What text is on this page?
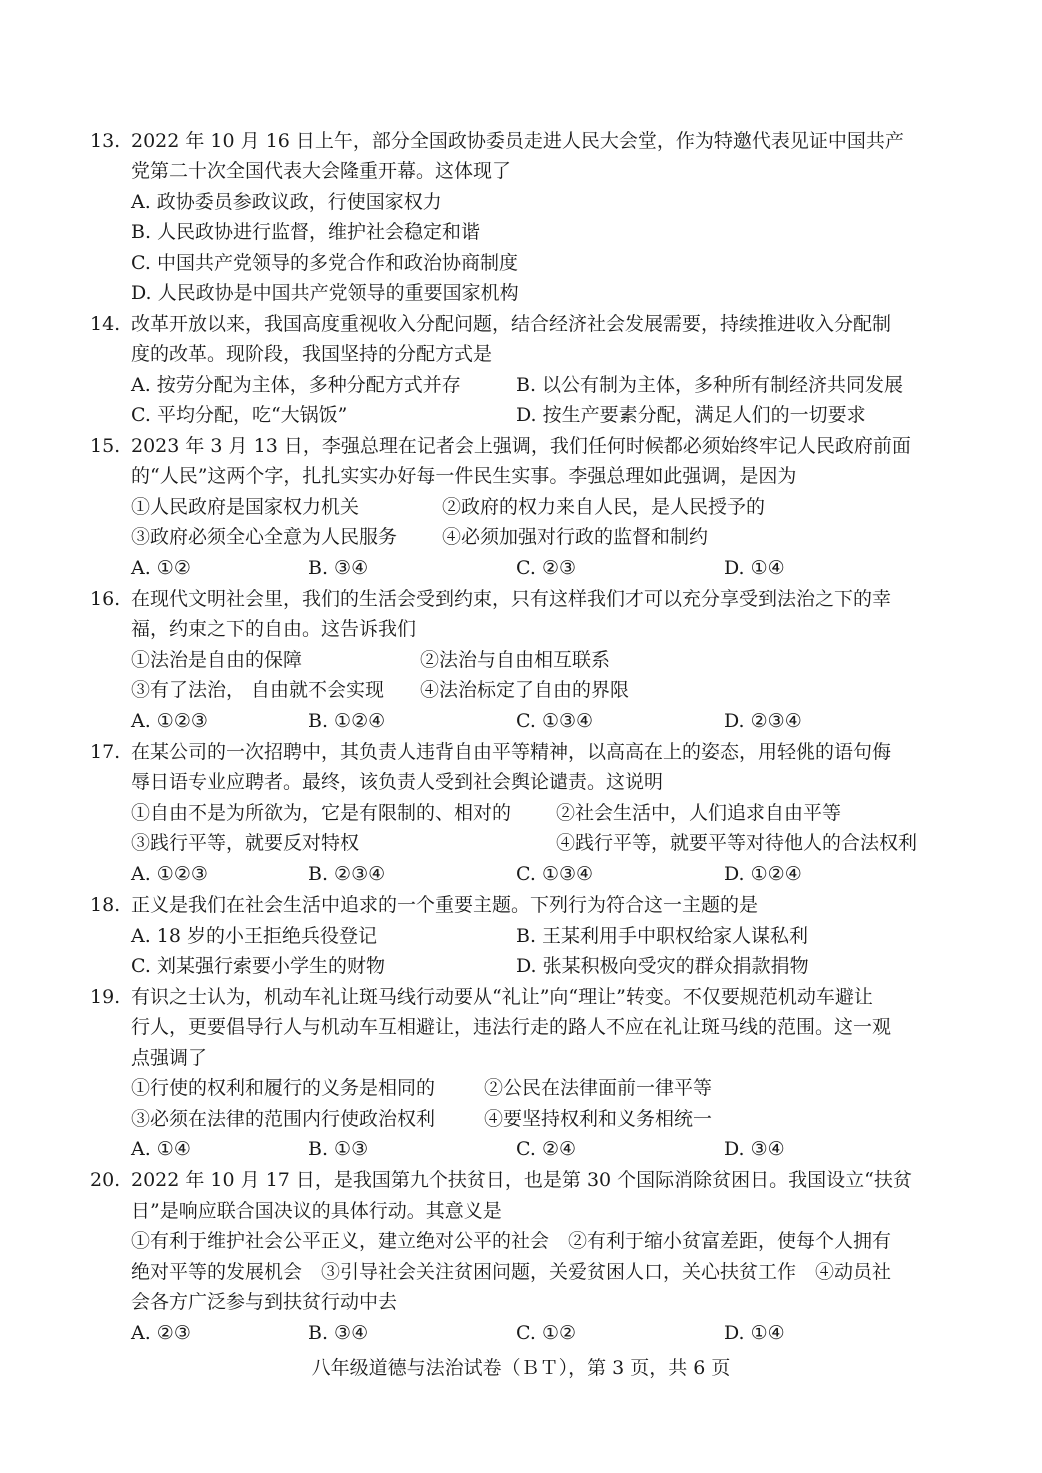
13. 2022 年 10 月 16 日上午，部分全国政协委员走进人民大会堂，作为特邀代表见证中国共产
党第二十次全国代表大会隆重开幕。这体现了
A. 政协委员参政议政，行使国家权力
B. 人民政协进行监督，维护社会稳定和谐
C. 中国共产党领导的多党合作和政治协商制度
D. 人民政协是中国共产党领导的重要国家机构
14. 改革开放以来，我国高度重视收入分配问题，结合经济社会发展需要，持续推进收入分配制
度的改革。现阶段，我国坚持的分配方式是
A. 按劳分配为主体，多种分配方式并存	B. 以公有制为主体，多种所有制经济共同发展
C. 平均分配，吃“大锅饭”	D. 按生产要素分配，满足人们的一切要求
15. 2023 年 3 月 13 日，李强总理在记者会上强调，我们任何时候都必须始终牢记人民政府前面
的“人民”这两个字，扎扎实实办好每一件民生实事。李强总理如此强调，是因为
①人民政府是国家权力机关	②政府的权力来自人民，是人民授予的
③政府必须全心全意为人民服务 ④必须加强对行政的监督和制约
A. ①②	B. ③④	C. ②③	D. ①④
16. 在现代文明社会里，我们的生活会受到约束，只有这样我们才可以充分享受到法治之下的幸
福，约束之下的自由。这告诉我们
①法治是自由的保障	②法治与自由相互联系
③有了法治， 自由就不会实现 ④法治标定了自由的界限
A. ①②③	B. ①②④	C. ①③④	D. ②③④
17. 在某公司的一次招聘中，其负责人违背自由平等精神，以高高在上的姿态，用轻佻的语句侮
辱日语专业应聘者。最终，该负责人受到社会舆论谴责。这说明
①自由不是为所欲为，它是有限制的、相对的 ②社会生活中，人们追求自由平等
③践行平等，就要反对特权	④践行平等，就要平等对待他人的合法权利
A. ①②③	B. ②③④	C. ①③④	D. ①②④
18. 正义是我们在社会生活中追求的一个重要主题。下列行为符合这一主题的是
A. 18 岁的小王拒绝兵役登记	B. 王某利用手中职权给家人谋私利
C. 刘某强行索要小学生的财物	D. 张某积极向受灾的群众捐款捐物
19. 有识之士认为，机动车礼让斑马线行动要从“礼让”向“理让”转变。不仅要规范机动车避让
行人，更要倡导行人与机动车互相避让，违法行走的路人不应在礼让斑马线的范围。这一观
点强调了
①行使的权利和履行的义务是相同的	②公民在法律面前一律平等
③必须在法律的范围内行使政治权利	④要坚持权利和义务相统一
A. ①④	B. ①③	C. ②④	D. ③④
20. 2022 年 10 月 17 日，是我国第九个扶贫日，也是第 30 个国际消除贫困日。我国设立“扶贫
日”是响应联合国决议的具体行动。其意义是
①有利于维护社会公平正义，建立绝对公平的社会　②有利于缩小贫富差距，使每个人拥有
绝对平等的发展机会　③引导社会关注贫困问题，关爱贫困人口，关心扶贫工作　④动员社
会各方广泛参与到扶贫行动中去
A. ②③	B. ③④	C. ①②	D. ①④
八年级道德与法治试卷（ＢＴ），第 3 页，共 6 页
